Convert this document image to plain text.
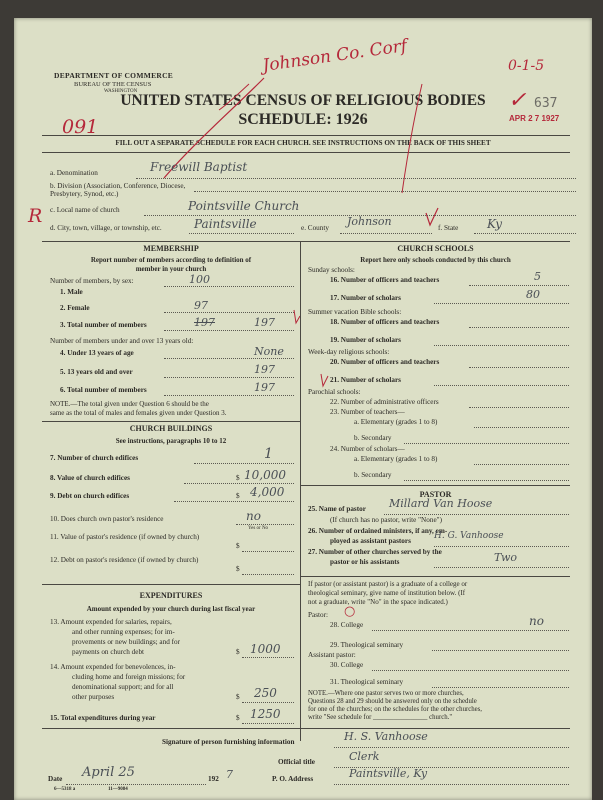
DEPARTMENT OF COMMERCE
BUREAU OF THE CENSUS
WASHINGTON
Johnson Co. Corf	0-1-5
✓ 637
APR 2 7 1927
UNITED STATES CENSUS OF RELIGIOUS BODIES
SCHEDULE: 1926
091
FILL OUT A SEPARATE SCHEDULE FOR EACH CHURCH. SEE INSTRUCTIONS ON THE BACK OF THIS SHEET
a. Denomination	Freewill Baptist
b. Division (Association, Conference, Diocese, Presbytery, Synod, etc.)
R c. Local name of church	Pointsville Church
d. City, town, village, or township, etc.	Paintsville	e. County Johnson	f. State Ky
MEMBERSHIP
Report number of members according to definition of
member in your church
Number of members, by sex:	100
1. Male
2. Female	97
3. Total number of members	197	197
Number of members under and over 13 years old:
4. Under 13 years of age	None
5. 13 years old and over	197
6. Total number of members	197
NOTE.—The total given under Question 6 should be the
same as the total of males and females given under Question 3.
CHURCH BUILDINGS
See instructions, paragraphs 10 to 12
7. Number of church edifices	1
8. Value of church edifices	$ 10,000
9. Debt on church edifices	$ 4,000
10. Does church own pastor's residence	no
Yes or No
11. Value of pastor's residence (if owned by church)
$
12. Debt on pastor's residence (if owned by church)
$
EXPENDITURES
Amount expended by your church during last fiscal year
13. Amount expended for salaries, repairs,
and other running expenses; for im-
provements or new buildings; and for
payments on church debt	$ 1000
14. Amount expended for benevolences, in-
cluding home and foreign missions; for
denominational support; and for all
other purposes	$ 250
15. Total expenditures during year	$ 1250
CHURCH SCHOOLS
Report here only schools conducted by this church
Sunday schools:
16. Number of officers and teachers	5
17. Number of scholars	80
Summer vacation Bible schools:
18. Number of officers and teachers
19. Number of scholars
Week-day religious schools:
20. Number of officers and teachers
21. Number of scholars
Parochial schools:
22. Number of administrative officers
23. Number of teachers—
a. Elementary (grades 1 to 8)
b. Secondary
24. Number of scholars—
a. Elementary (grades 1 to 8)
b. Secondary
PASTOR
25. Name of pastor Millard Van Hoose
(If church has no pastor, write "None")
26. Number of ordained ministers, if any, em-
ployed as assistant pastors	H. G. Vanhoose
27. Number of other churches served by the
pastor or his assistants	Two
If pastor (or assistant pastor) is a graduate of a college or
theological seminary, give name of institution below. (If
not a graduate, write "No" in the space indicated.)
Pastor: ○
28. College	no
29. Theological seminary
Assistant pastor:
30. College
31. Theological seminary
NOTE.—Where one pastor serves two or more churches,
Questions 28 and 29 should be answered only on the schedule
for one of the churches; on the schedules for the other churches,
write "See schedule for ________________ church."
Signature of person furnishing information	H. S. Vanhoose
Official title	Clerk
Date April 25	192 7	P. O. Address	Paintsville, Ky
6—5318 a	11—9084
